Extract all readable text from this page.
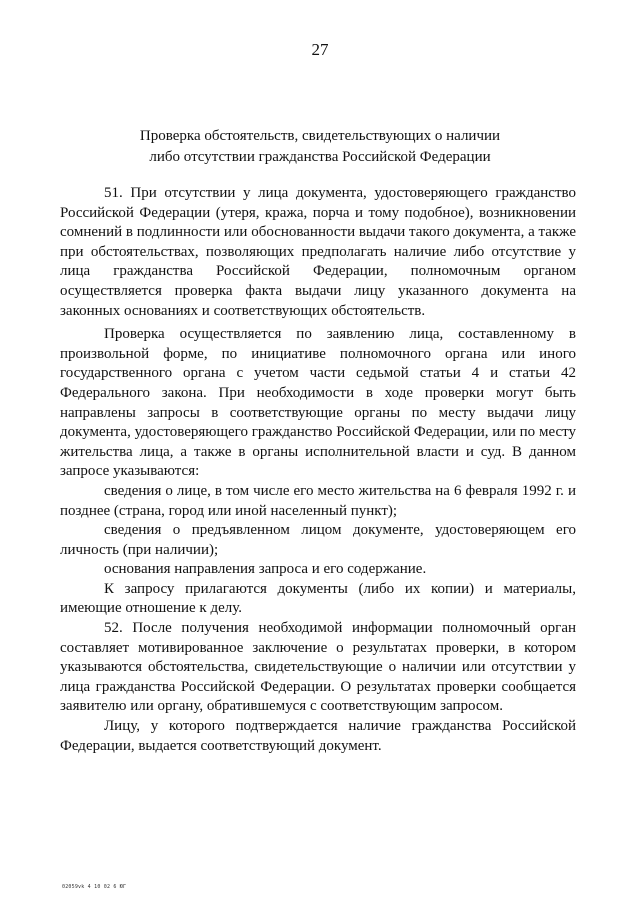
27
Проверка обстоятельств, свидетельствующих о наличии
либо отсутствии гражданства Российской Федерации

51. При отсутствии у лица документа, удостоверяющего гражданство Российской Федерации (утеря, кража, порча и тому подобное), возникновении сомнений в подлинности или обоснованности выдачи такого документа, а также при обстоятельствах, позволяющих предполагать наличие либо отсутствие у лица гражданства Российской Федерации, полномочным органом осуществляется проверка факта выдачи лицу указанного документа на законных основаниях и соответствующих обстоятельств.

Проверка осуществляется по заявлению лица, составленному в произвольной форме, по инициативе полномочного органа или иного государственного органа с учетом части седьмой статьи 4 и статьи 42 Федерального закона. При необходимости в ходе проверки могут быть направлены запросы в соответствующие органы по месту выдачи лицу документа, удостоверяющего гражданство Российской Федерации, или по месту жительства лица, а также в органы исполнительной власти и суд. В данном запросе указываются:

сведения о лице, в том числе его место жительства на 6 февраля 1992 г. и позднее (страна, город или иной населенный пункт);

сведения о предъявленном лицом документе, удостоверяющем его личность (при наличии);

основания направления запроса и его содержание.

К запросу прилагаются документы (либо их копии) и материалы, имеющие отношение к делу.

52. После получения необходимой информации полномочный орган составляет мотивированное заключение о результатах проверки, в котором указываются обстоятельства, свидетельствующие о наличии или отсутствии у лица гражданства Российской Федерации. О результатах проверки сообщается заявителю или органу, обратившемуся с соответствующим запросом.

Лицу, у которого подтверждается наличие гражданства Российской Федерации, выдается соответствующий документ.

02059vk 4 10 02 6 ЮГ
